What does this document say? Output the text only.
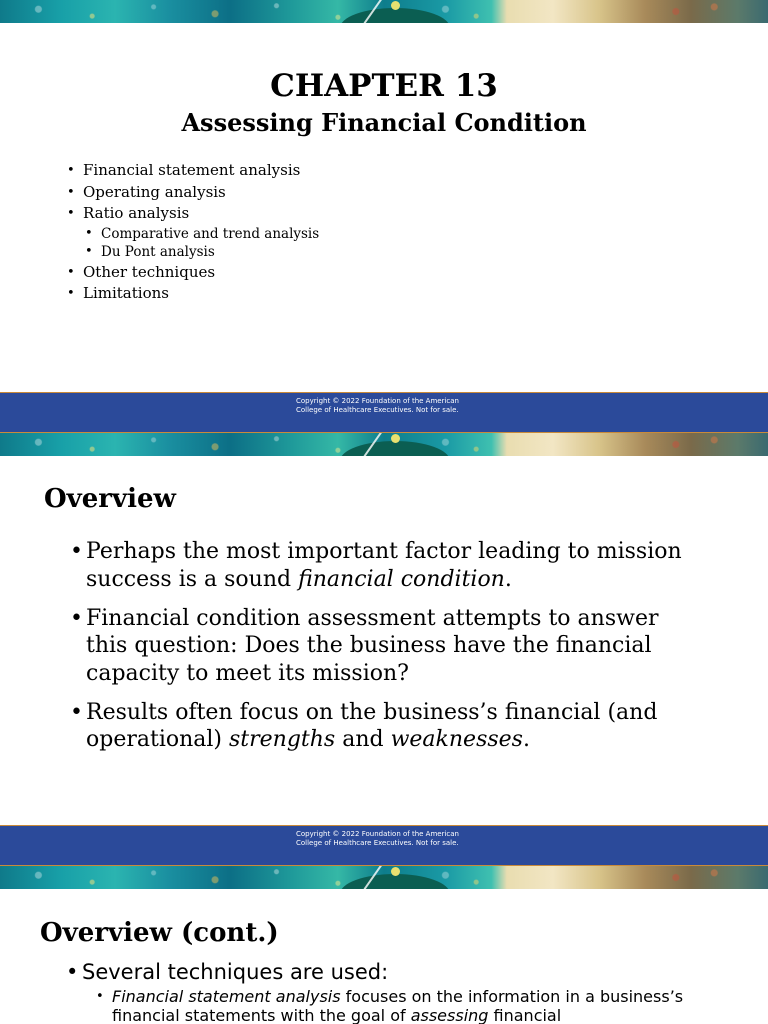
CHAPTER 13
Assessing Financial Condition
• Financial statement analysis
• Operating analysis
• Ratio analysis
• Comparative and trend analysis
• Du Pont analysis
• Other techniques
• Limitations
Copyright © 2022 Foundation of the American
College of Healthcare Executives. Not for sale.
Overview
• Perhaps the most important factor leading to mission success is a sound financial condition.
• Financial condition assessment attempts to answer this question: Does the business have the financial capacity to meet its mission?
• Results often focus on the business’s financial (and operational) strengths and weaknesses.
Copyright © 2022 Foundation of the American
College of Healthcare Executives. Not for sale.
Overview (cont.)
• Several techniques are used:
• Financial statement analysis focuses on the information in a business’s financial statements with the goal of assessing financial
